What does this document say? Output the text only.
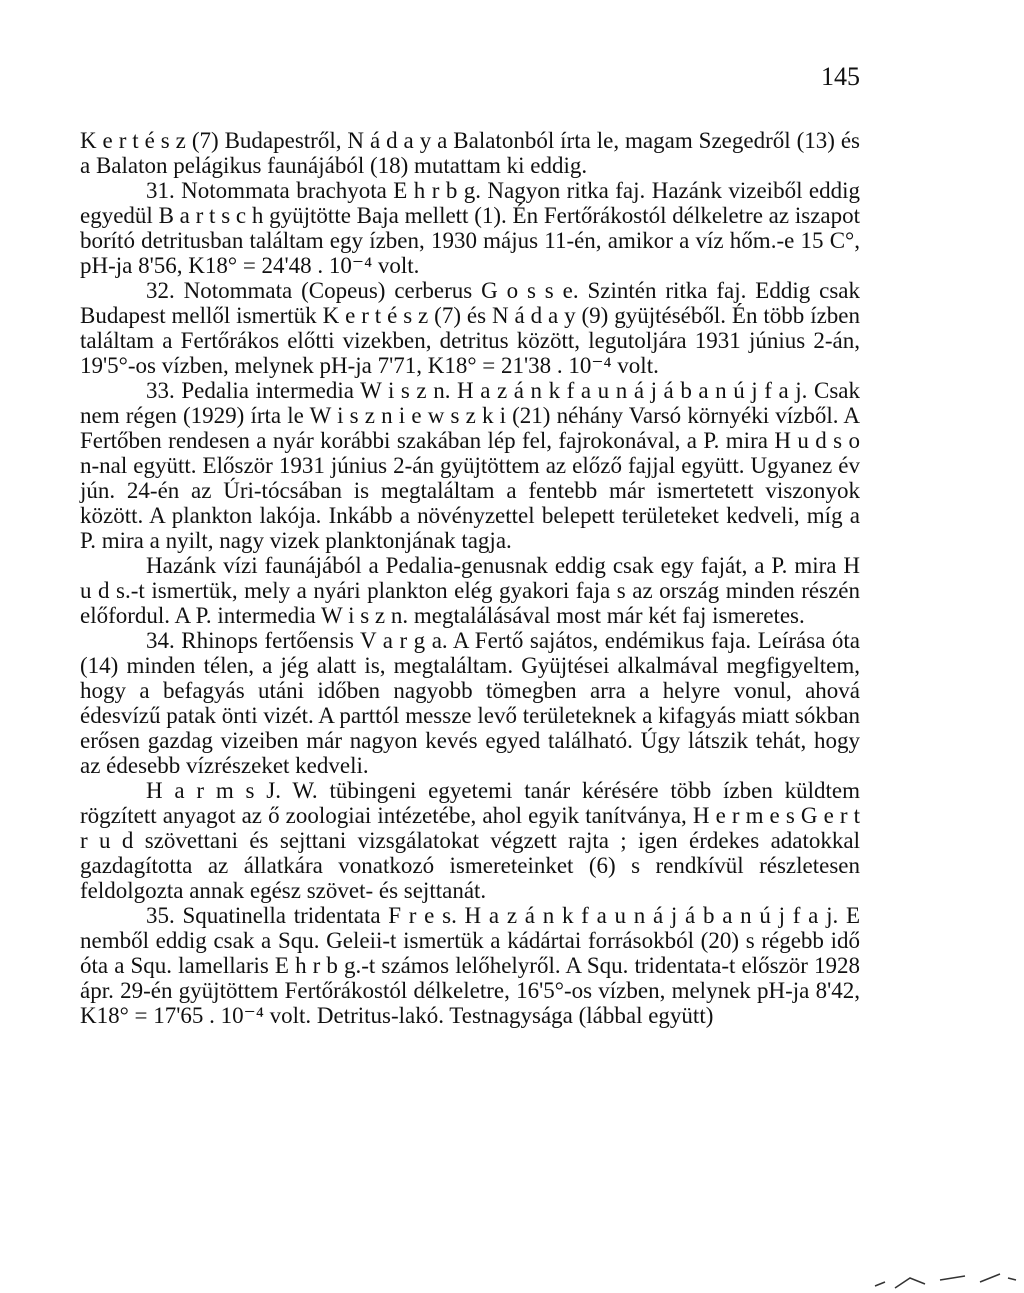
145

K e r t é s z (7) Budapestről, N á d a y a Balatonból írta le, magam Szegedről (13) és a Balaton pelágikus faunájából (18) mutattam ki eddig.

31. Notommata brachyota E h r b g. Nagyon ritka faj. Hazánk vizeiből eddig egyedül B a r t s c h gyüjtötte Baja mellett (1). Én Fertőrákostól délkeletre az iszapot borító detritusban találtam egy ízben, 1930 május 11-én, amikor a víz hőm.-e 15 C°, pH-ja 8'56, K18° = 24'48 . 10⁻⁴ volt.

32. Notommata (Copeus) cerberus G o s s e. Szintén ritka faj. Eddig csak Budapest mellől ismertük K e r t é s z (7) és N á d a y (9) gyüjtéséből. Én több ízben találtam a Fertőrákos előtti vizekben, detritus között, legutoljára 1931 június 2-án, 19'5°-os vízben, melynek pH-ja 7'71, K18° = 21'38 . 10⁻⁴ volt.

33. Pedalia intermedia W i s z n. H a z á n k f a u n á j á b a n ú j f a j. Csak nem régen (1929) írta le W i s z n i e w s z k i (21) néhány Varsó környéki vízből. A Fertőben rendesen a nyár korábbi szakában lép fel, fajrokonával, a P. mira H u d s o n-nal együtt. Először 1931 június 2-án gyüjtöttem az előző fajjal együtt. Ugyanez év jún. 24-én az Úri-tócsában is megtaláltam a fentebb már ismertetett viszonyok között. A plankton lakója. Inkább a növényzettel belepett területeket kedveli, míg a P. mira a nyilt, nagy vizek planktonjának tagja.

Hazánk vízi faunájából a Pedalia-genusnak eddig csak egy faját, a P. mira H u d s.-t ismertük, mely a nyári plankton elég gyakori faja s az ország minden részén előfordul. A P. intermedia W i s z n. megtalálásával most már két faj ismeretes.

34. Rhinops fertőensis V a r g a. A Fertő sajátos, endémikus faja. Leírása óta (14) minden télen, a jég alatt is, megtaláltam. Gyüjtései alkalmával megfigyeltem, hogy a befagyás utáni időben nagyobb tömegben arra a helyre vonul, ahová édesvízű patak önti vizét. A parttól messze levő területeknek a kifagyás miatt sókban erősen gazdag vizeiben már nagyon kevés egyed található. Úgy látszik tehát, hogy az édesebb vízrészeket kedveli.

H a r m s J. W. tübingeni egyetemi tanár kérésére több ízben küldtem rögzített anyagot az ő zoologiai intézetébe, ahol egyik tanítványa, H e r m e s G e r t r u d szövettani és sejttani vizsgálatokat végzett rajta ; igen érdekes adatokkal gazdagította az állatkára vonatkozó ismereteinket (6) s rendkívül részletesen feldolgozta annak egész szövet- és sejttanát.

35. Squatinella tridentata F r e s. H a z á n k f a u n á j á b a n ú j f a j. E nemből eddig csak a Squ. Geleii-t ismertük a kádártai forrásokból (20) s régebb idő óta a Squ. lamellaris E h r b g.-t számos lelőhelyről. A Squ. tridentata-t először 1928 ápr. 29-én gyüjtöttem Fertőrákostól délkeletre, 16'5°-os vízben, melynek pH-ja 8'42, K18° = 17'65 . 10⁻⁴ volt. Detritus-lakó. Testnagysága (lábbal együtt)
